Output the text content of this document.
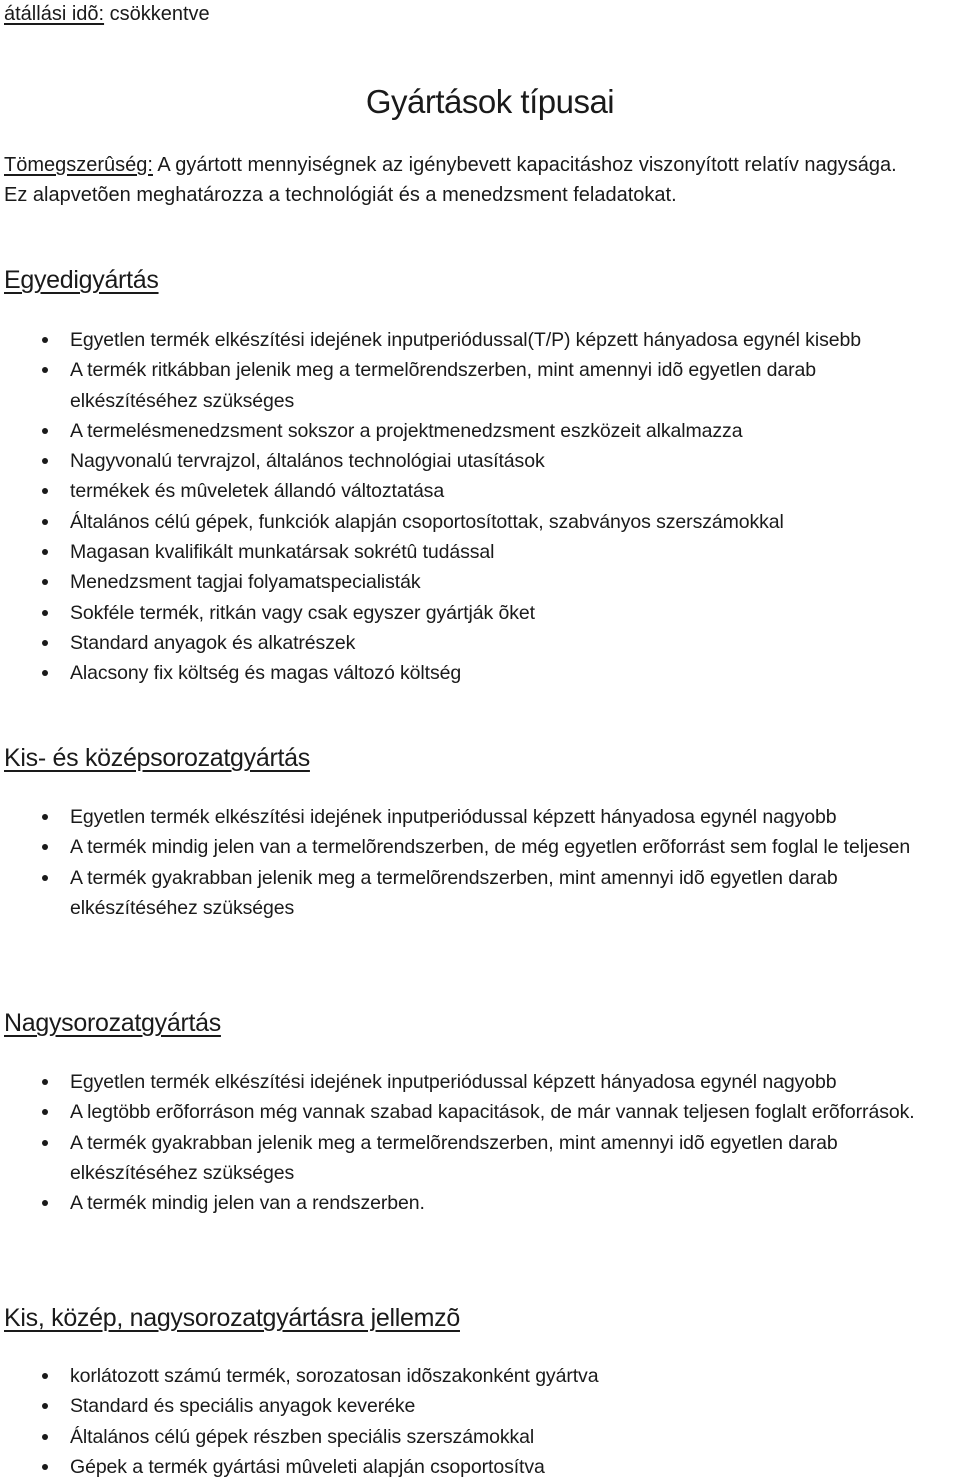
átállási idõ: csökkentve
Gyártások típusai
Tömegszerûség: A gyártott mennyiségnek az igénybevett kapacitáshoz viszonyított relatív nagysága.
Ez alapvetõen meghatározza a technológiát és a menedzsment feladatokat.
Egyedigyártás
Egyetlen termék elkészítési idejének inputperiódussal(T/P) képzett hányadosa egynél kisebb
A termék ritkábban jelenik meg a termelõrendszerben, mint amennyi idõ egyetlen darab elkészítéséhez szükséges
A termelésmenedzsment sokszor a projektmenedzsment eszközeit alkalmazza
Nagyvonalú tervrajzol, általános technológiai utasítások
termékek és mûveletek állandó változtatása
Általános célú gépek, funkciók alapján csoportosítottak, szabványos szerszámokkal
Magasan kvalifikált munkatársak sokrétû tudással
Menedzsment tagjai folyamatspecialisták
Sokféle termék, ritkán vagy csak egyszer gyártják õket
Standard anyagok és alkatrészek
Alacsony fix költség és magas változó költség
Kis- és középsorozatgyártás
Egyetlen termék elkészítési idejének inputperiódussal képzett hányadosa egynél nagyobb
A termék mindig jelen van a termelõrendszerben, de még egyetlen erõforrást sem foglal le teljesen
A termék gyakrabban jelenik meg a termelõrendszerben, mint amennyi idõ egyetlen darab elkészítéséhez szükséges
Nagysorozatgyártás
Egyetlen termék elkészítési idejének inputperiódussal képzett hányadosa egynél nagyobb
A legtöbb erõforráson még vannak szabad kapacitások, de már vannak teljesen foglalt erõforrások.
A termék gyakrabban jelenik meg a termelõrendszerben, mint amennyi idõ egyetlen darab elkészítéséhez szükséges
A termék mindig jelen van a rendszerben.
Kis, közép, nagysorozatgyártásra jellemzõ
korlátozott számú termék, sorozatosan idõszakonként gyártva
Standard és speciális anyagok keveréke
Általános célú gépek részben speciális szerszámokkal
Gépek a termék gyártási mûveleti alapján csoportosítva
